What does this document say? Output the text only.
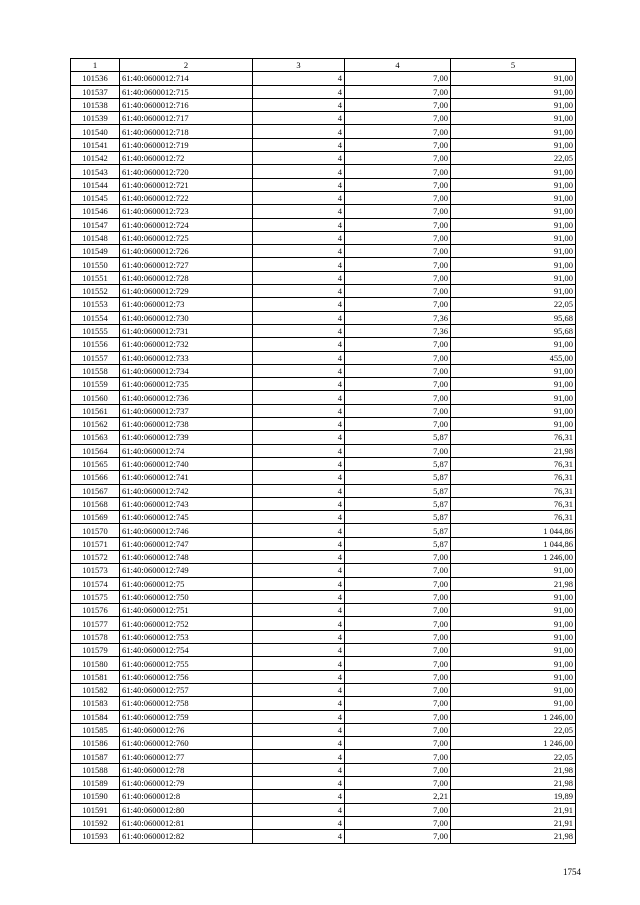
1	2	3	4	5
101536	61:40:0600012:714	4	7,00	91,00
101537	61:40:0600012:715	4	7,00	91,00
101538	61:40:0600012:716	4	7,00	91,00
101539	61:40:0600012:717	4	7,00	91,00
101540	61:40:0600012:718	4	7,00	91,00
101541	61:40:0600012:719	4	7,00	91,00
101542	61:40:0600012:72	4	7,00	22,05
101543	61:40:0600012:720	4	7,00	91,00
101544	61:40:0600012:721	4	7,00	91,00
101545	61:40:0600012:722	4	7,00	91,00
101546	61:40:0600012:723	4	7,00	91,00
101547	61:40:0600012:724	4	7,00	91,00
101548	61:40:0600012:725	4	7,00	91,00
101549	61:40:0600012:726	4	7,00	91,00
101550	61:40:0600012:727	4	7,00	91,00
101551	61:40:0600012:728	4	7,00	91,00
101552	61:40:0600012:729	4	7,00	91,00
101553	61:40:0600012:73	4	7,00	22,05
101554	61:40:0600012:730	4	7,36	95,68
101555	61:40:0600012:731	4	7,36	95,68
101556	61:40:0600012:732	4	7,00	91,00
101557	61:40:0600012:733	4	7,00	455,00
101558	61:40:0600012:734	4	7,00	91,00
101559	61:40:0600012:735	4	7,00	91,00
101560	61:40:0600012:736	4	7,00	91,00
101561	61:40:0600012:737	4	7,00	91,00
101562	61:40:0600012:738	4	7,00	91,00
101563	61:40:0600012:739	4	5,87	76,31
101564	61:40:0600012:74	4	7,00	21,98
101565	61:40:0600012:740	4	5,87	76,31
101566	61:40:0600012:741	4	5,87	76,31
101567	61:40:0600012:742	4	5,87	76,31
101568	61:40:0600012:743	4	5,87	76,31
101569	61:40:0600012:745	4	5,87	76,31
101570	61:40:0600012:746	4	5,87	1 044,86
101571	61:40:0600012:747	4	5,87	1 044,86
101572	61:40:0600012:748	4	7,00	1 246,00
101573	61:40:0600012:749	4	7,00	91,00
101574	61:40:0600012:75	4	7,00	21,98
101575	61:40:0600012:750	4	7,00	91,00
101576	61:40:0600012:751	4	7,00	91,00
101577	61:40:0600012:752	4	7,00	91,00
101578	61:40:0600012:753	4	7,00	91,00
101579	61:40:0600012:754	4	7,00	91,00
101580	61:40:0600012:755	4	7,00	91,00
101581	61:40:0600012:756	4	7,00	91,00
101582	61:40:0600012:757	4	7,00	91,00
101583	61:40:0600012:758	4	7,00	91,00
101584	61:40:0600012:759	4	7,00	1 246,00
101585	61:40:0600012:76	4	7,00	22,05
101586	61:40:0600012:760	4	7,00	1 246,00
101587	61:40:0600012:77	4	7,00	22,05
101588	61:40:0600012:78	4	7,00	21,98
101589	61:40:0600012:79	4	7,00	21,98
101590	61:40:0600012:8	4	2,21	19,89
101591	61:40:0600012:80	4	7,00	21,91
101592	61:40:0600012:81	4	7,00	21,91
101593	61:40:0600012:82	4	7,00	21,98
1754
